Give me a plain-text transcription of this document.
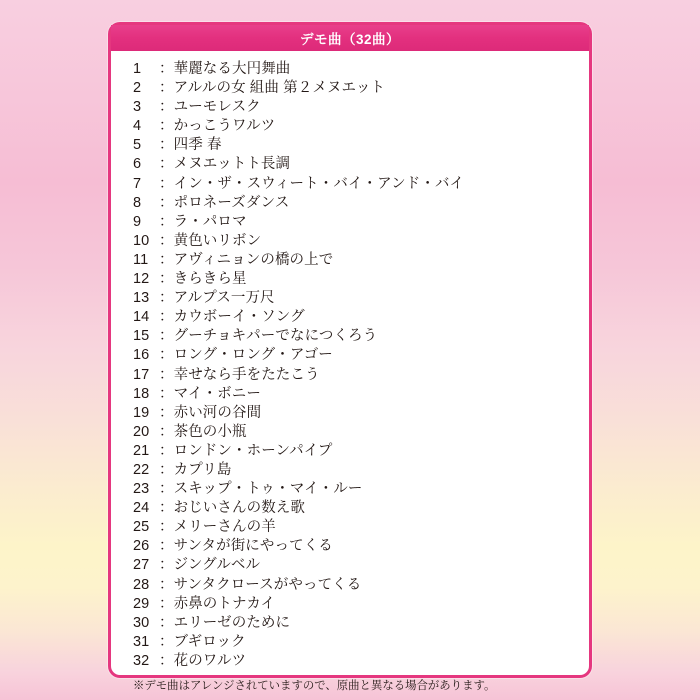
デモ曲（32曲）
1 ：華麗なる大円舞曲
2 ：アルルの女 組曲 第２メヌエット
3 ：ユーモレスク
4 ：かっこうワルツ
5 ：四季 春
6 ：メヌエットト長調
7 ：イン・ザ・スウィート・バイ・アンド・バイ
8 ：ポロネーズダンス
9 ：ラ・パロマ
10 ：黄色いリボン
11 ：アヴィニョンの橋の上で
12 ：きらきら星
13 ：アルプス一万尺
14 ：カウボーイ・ソング
15 ：グーチョキパーでなにつくろう
16 ：ロング・ロング・アゴー
17 ：幸せなら手をたたこう
18 ：マイ・ボニー
19 ：赤い河の谷間
20 ：茶色の小瓶
21 ：ロンドン・ホーンパイプ
22 ：カプリ島
23 ：スキップ・トゥ・マイ・ルー
24 ：おじいさんの数え歌
25 ：メリーさんの羊
26 ：サンタが街にやってくる
27 ：ジングルベル
28 ：サンタクロースがやってくる
29 ：赤鼻のトナカイ
30 ：エリーゼのために
31 ：ブギロック
32 ：花のワルツ
※デモ曲はアレンジされていますので、原曲と異なる場合があります。
